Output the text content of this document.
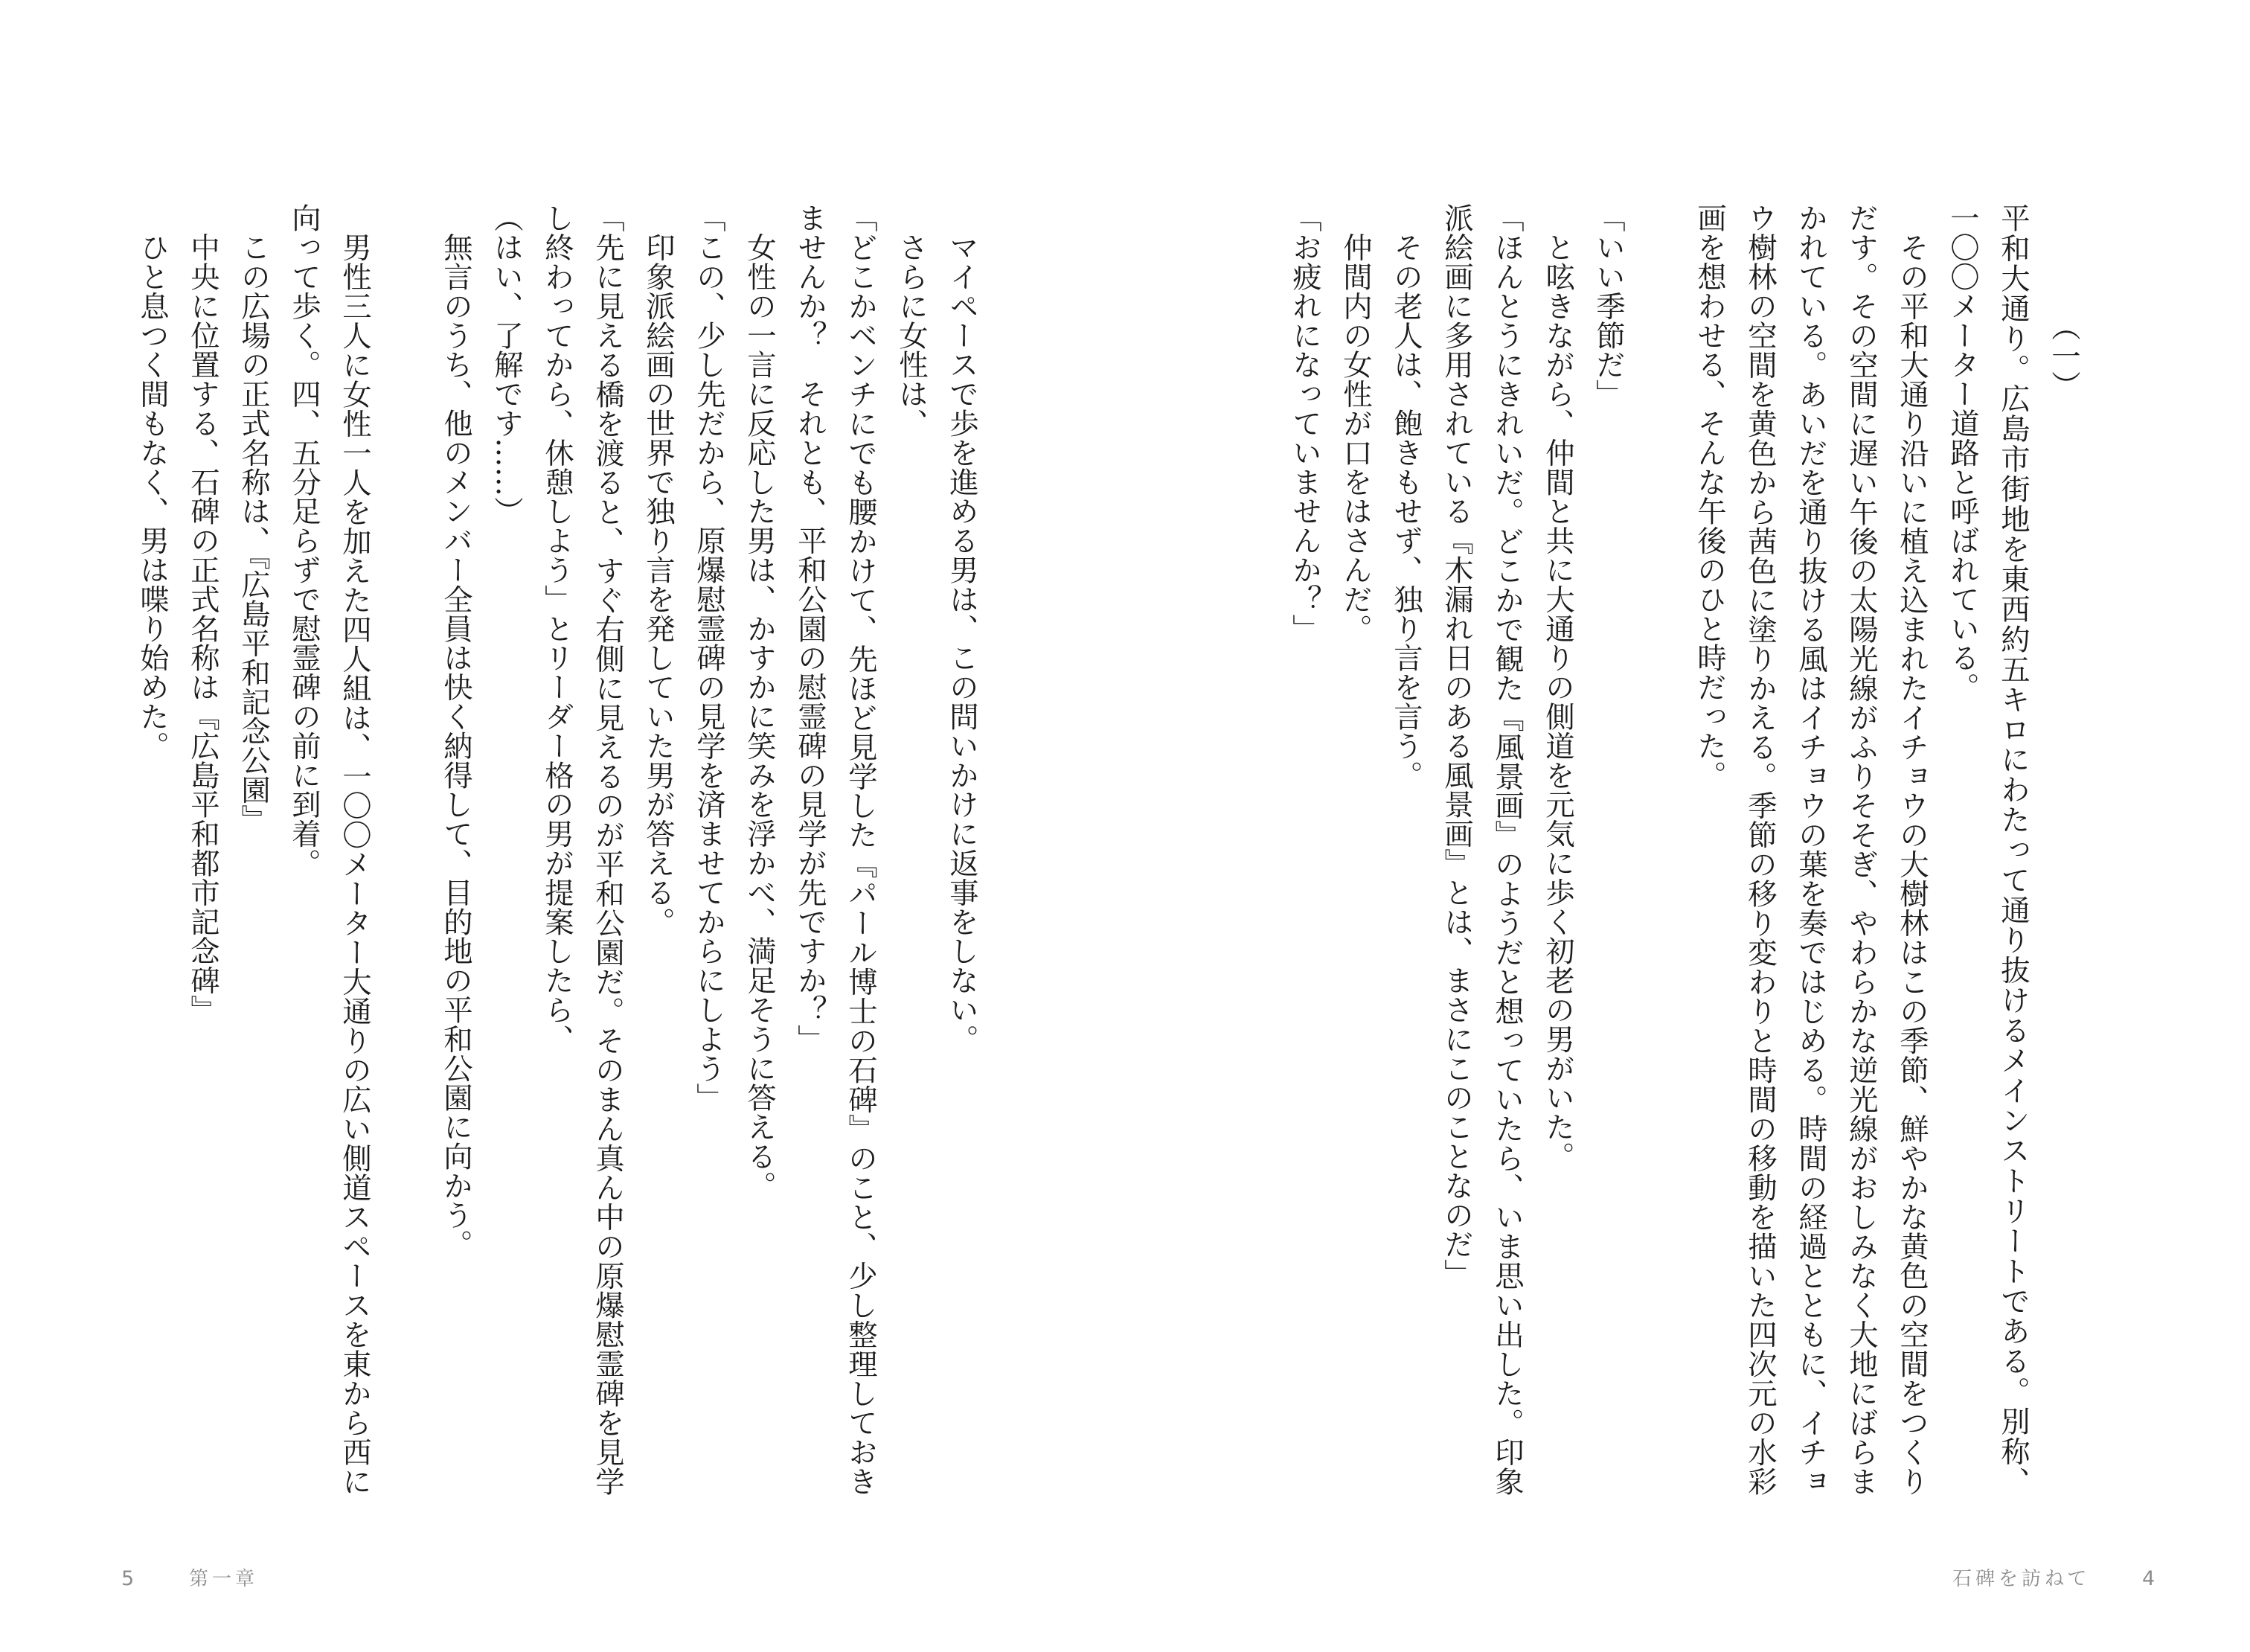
（一）
平和大通り。広島市街地を東西約五キロにわたって通り抜けるメインストリートである。別称、
一〇〇メーター道路と呼ばれている。
　その平和大通り沿いに植え込まれたイチョウの大樹林はこの季節、鮮やかな黄色の空間をつくり
だす。その空間に遅い午後の太陽光線がふりそそぎ、やわらかな逆光線がおしみなく大地にばらま
かれている。あいだを通り抜ける風はイチョウの葉を奏ではじめる。時間の経過とともに、イチョ
ウ樹林の空間を黄色から茜色に塗りかえる。季節の移り変わりと時間の移動を描いた四次元の水彩
画を想わせる、そんな午後のひと時だった。
「いい季節だ」
　と呟きながら、仲間と共に大通りの側道を元気に歩く初老の男がいた。
「ほんとうにきれいだ。どこかで観た『風景画』のようだと想っていたら、いま思い出した。印象
派絵画に多用されている『木漏れ日のある風景画』とは、まさにこのことなのだ」
　その老人は、飽きもせず、独り言を言う。
　仲間内の女性が口をはさんだ。
「お疲れになっていませんか？」
　マイペースで歩を進める男は、この問いかけに返事をしない。
　さらに女性は、
「どこかベンチにでも腰かけて、先ほど見学した『パール博士の石碑』のこと、少し整理しておき
ませんか？　それとも、平和公園の慰霊碑の見学が先ですか？」
　女性の一言に反応した男は、かすかに笑みを浮かべ、満足そうに答える。
「この、少し先だから、原爆慰霊碑の見学を済ませてからにしよう」
　印象派絵画の世界で独り言を発していた男が答える。
「先に見える橋を渡ると、すぐ右側に見えるのが平和公園だ。そのまん真ん中の原爆慰霊碑を見学
し終わってから、休憩しよう」とリーダー格の男が提案したら、
（はい、了解です……）
　無言のうち、他のメンバー全員は快く納得して、目的地の平和公園に向かう。
　男性三人に女性一人を加えた四人組は、一〇〇メーター大通りの広い側道スペースを東から西に
向って歩く。四、五分足らずで慰霊碑の前に到着。
　この広場の正式名称は、『広島平和記念公園』
　中央に位置する、石碑の正式名称は『広島平和都市記念碑』
　ひと息つく間もなく、男は喋り始めた。
5	第一章	石碑を訪ねて	4
